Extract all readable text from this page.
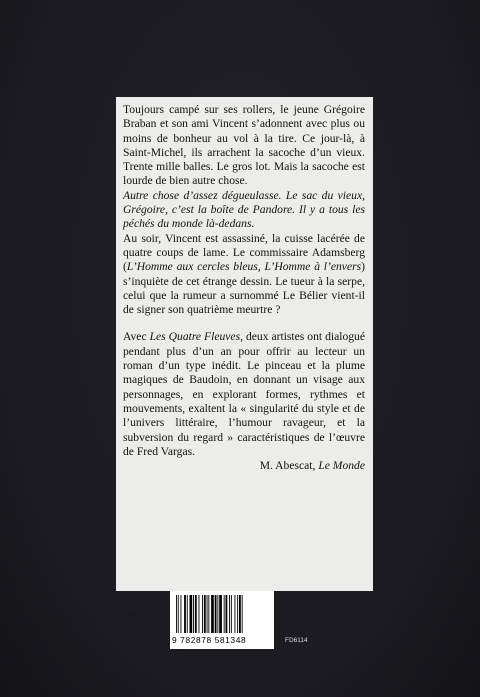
Toujours campé sur ses rollers, le jeune Grégoire Braban et son ami Vincent s’adonnent avec plus ou moins de bonheur au vol à la tire. Ce jour-là, à Saint-Michel, ils arrachent la sacoche d’un vieux. Trente mille balles. Le gros lot. Mais la sacoche est lourde de bien autre chose.

Autre chose d’assez dégueulasse. Le sac du vieux, Grégoire, c’est la boîte de Pandore. Il y a tous les péchés du monde là-dedans.

Au soir, Vincent est assassiné, la cuisse lacérée de quatre coups de lame. Le commissaire Adamsberg (L’Homme aux cercles bleus, L’Homme à l’envers) s’inquiète de cet étrange dessin. Le tueur à la serpe, celui que la rumeur a surnommé Le Bélier vient-il de signer son quatrième meurtre ?

Avec Les Quatre Fleuves, deux artistes ont dialogué pendant plus d’un an pour offrir au lecteur un roman d’un type inédit. Le pinceau et la plume magiques de Baudoin, en donnant un visage aux personnages, en explorant formes, rythmes et mouvements, exaltent la « singularité du style et de l’univers littéraire, l’humour ravageur, et la subversion du regard » caractéristiques de l’œuvre de Fred Vargas.

M. Abescat, Le Monde

22,71 €
9 782878 581348	FD6114
